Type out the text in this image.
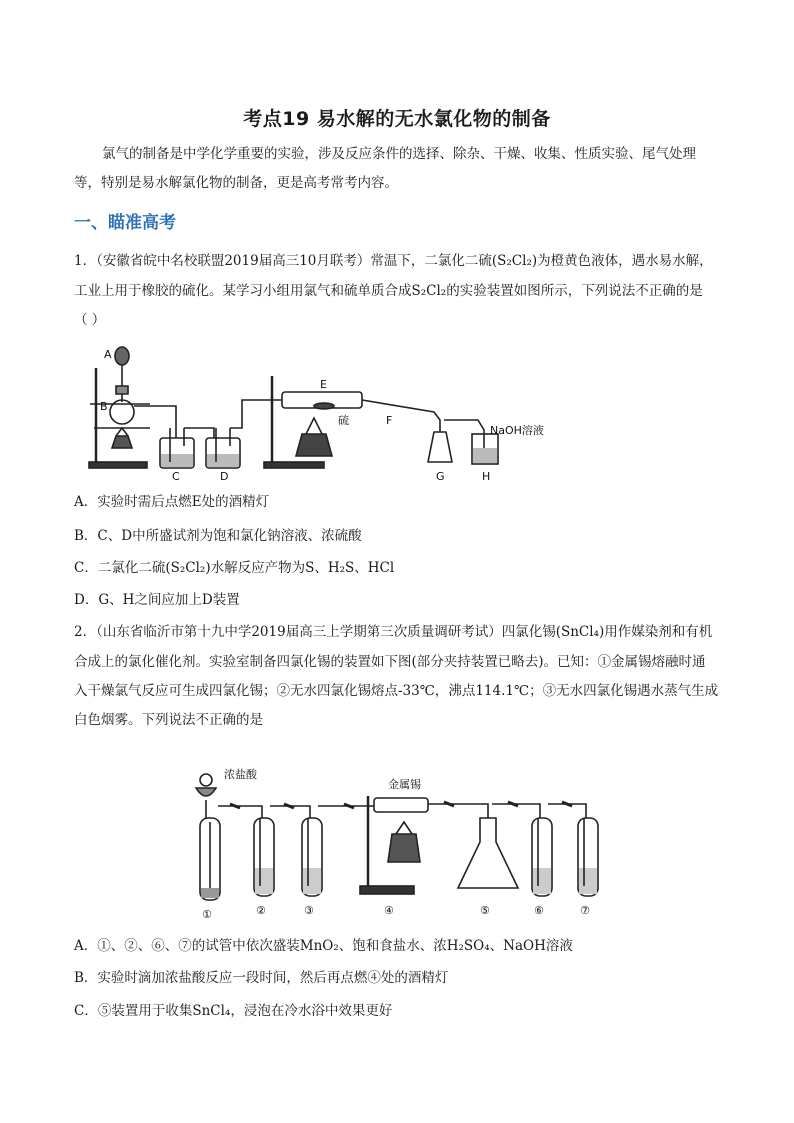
考点19 易水解的无水氯化物的制备
氯气的制备是中学化学重要的实验，涉及反应条件的选择、除杂、干燥、收集、性质实验、尾气处理
等，特别是易水解氯化物的制备，更是高考常考内容。
一、瞄准高考
1．（安徽省皖中名校联盟2019届高三10月联考）常温下，二氯化二硫(S₂Cl₂)为橙黄色液体，遇水易水解，
工业上用于橡胶的硫化。某学习小组用氯气和硫单质合成S₂Cl₂的实验装置如图所示，下列说法不正确的是
（ ）
A
B
C	D
E
F
G	H
硫
NaOH溶液
A．实验时需后点燃E处的酒精灯
B．C、D中所盛试剂为饱和氯化钠溶液、浓硫酸
C．二氯化二硫(S₂Cl₂)水解反应产物为S、H₂S、HCl
D．G、H之间应加上D装置
2．（山东省临沂市第十九中学2019届高三上学期第三次质量调研考试）四氯化锡(SnCl₄)用作媒染剂和有机
合成上的氯化催化剂。实验室制备四氯化锡的装置如下图(部分夹持装置已略去)。已知：①金属锡熔融时通
入干燥氯气反应可生成四氯化锡；②无水四氯化锡熔点-33℃，沸点114.1℃；③无水四氯化锡遇水蒸气生成
白色烟雾。下列说法不正确的是
浓盐酸
金属锡
①	②	③	④	⑤	⑥	⑦
A．①、②、⑥、⑦的试管中依次盛装MnO₂、饱和食盐水、浓H₂SO₄、NaOH溶液
B．实验时滴加浓盐酸反应一段时间，然后再点燃④处的酒精灯
C．⑤装置用于收集SnCl₄，浸泡在冷水浴中效果更好
